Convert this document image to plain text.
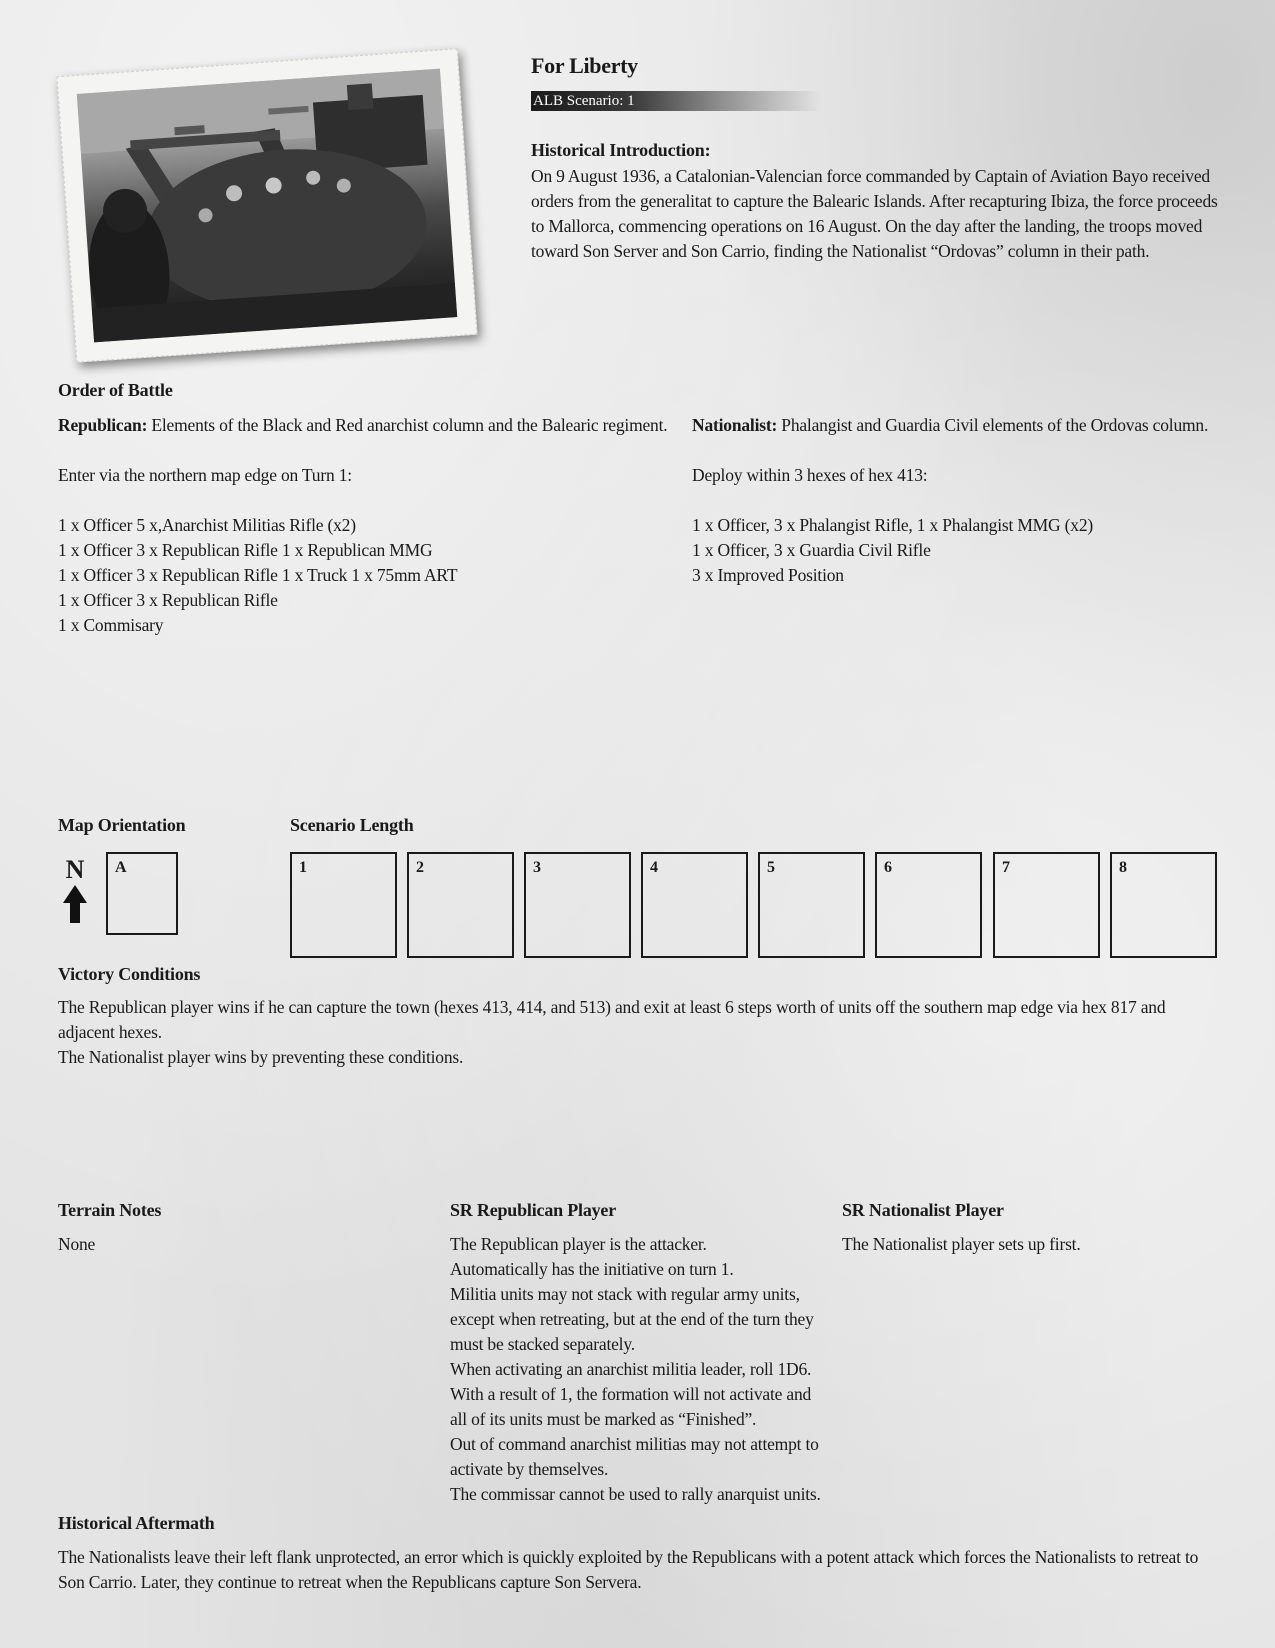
For Liberty
ALB Scenario: 1
Historical Introduction:
On 9 August 1936, a Catalonian-Valencian force commanded by Captain of Aviation Bayo received
orders from the generalitat to capture the Balearic Islands. After recapturing Ibiza, the force proceeds
to Mallorca, commencing operations on 16 August. On the day after the landing, the troops moved
toward Son Server and Son Carrio, finding the Nationalist “Ordovas” column in their path.
Order of Battle
Republican: Elements of the Black and Red anarchist column and the Balearic regiment.
Enter via the northern map edge on Turn 1:
1 x Officer 5 x,Anarchist Militias Rifle (x2)
1 x Officer 3 x Republican Rifle 1 x Republican MMG
1 x Officer 3 x Republican Rifle 1 x Truck 1 x 75mm ART
1 x Officer 3 x Republican Rifle
1 x Commisary
Nationalist: Phalangist and Guardia Civil elements of the Ordovas column.
Deploy within 3 hexes of hex 413:
1 x Officer, 3 x Phalangist Rifle, 1 x Phalangist MMG (x2)
1 x Officer, 3 x Guardia Civil Rifle
3 x Improved Position
Map Orientation
N	A
Scenario Length
1	2	3	4	5	6	7	8
Victory Conditions
The Republican player wins if he can capture the town (hexes 413, 414, and 513) and exit at least 6 steps worth of units off the southern map edge via hex 817 and
adjacent hexes.
The Nationalist player wins by preventing these conditions.
Terrain Notes
None
SR Republican Player
The Republican player is the attacker.
Automatically has the initiative on turn 1.
Militia units may not stack with regular army units,
except when retreating, but at the end of the turn they
must be stacked separately.
When activating an anarchist militia leader, roll 1D6.
With a result of 1, the formation will not activate and
all of its units must be marked as “Finished”.
Out of command anarchist militias may not attempt to
activate by themselves.
The commissar cannot be used to rally anarquist units.
SR Nationalist Player
The Nationalist player sets up first.
Historical Aftermath
The Nationalists leave their left flank unprotected, an error which is quickly exploited by the Republicans with a potent attack which forces the Nationalists to retreat to
Son Carrio. Later, they continue to retreat when the Republicans capture Son Servera.
